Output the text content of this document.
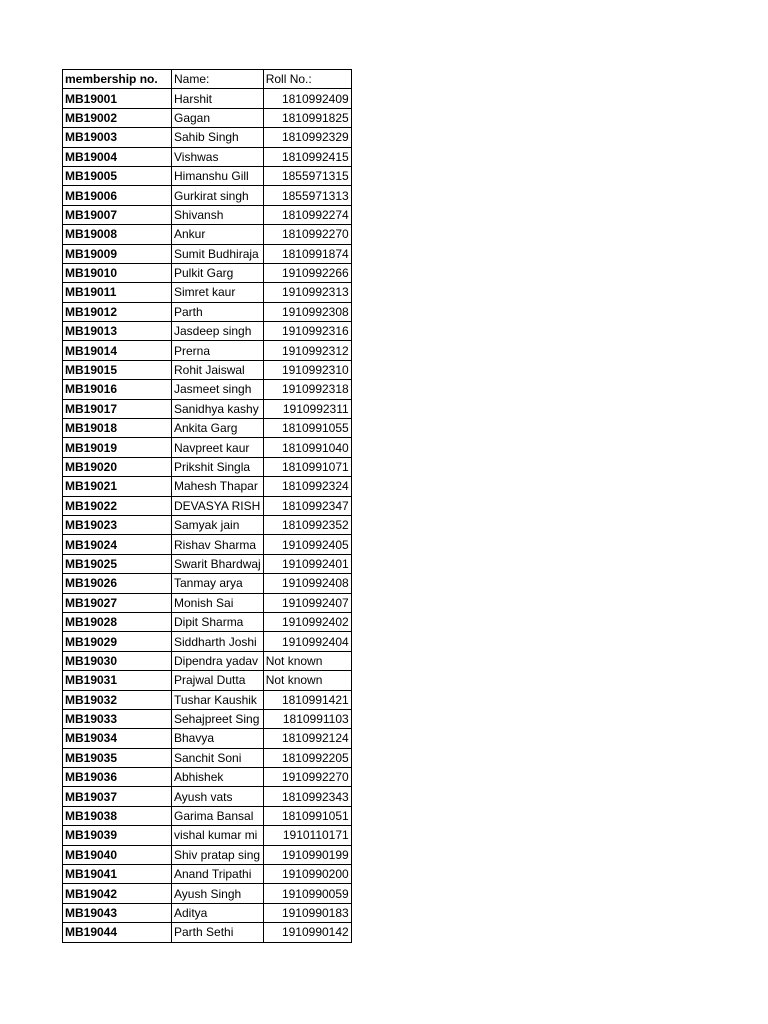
membership no.	Name:	Roll No.:
MB19001	Harshit	1810992409
MB19002	Gagan	1810991825
MB19003	Sahib Singh	1810992329
MB19004	Vishwas	1810992415
MB19005	Himanshu Gill	1855971315
MB19006	Gurkirat singh	1855971313
MB19007	Shivansh	1810992274
MB19008	Ankur	1810992270
MB19009	Sumit Budhiraja	1810991874
MB19010	Pulkit Garg	1910992266
MB19011	Simret kaur	1910992313
MB19012	Parth	1910992308
MB19013	Jasdeep singh	1910992316
MB19014	Prerna	1910992312
MB19015	Rohit Jaiswal	1910992310
MB19016	Jasmeet singh	1910992318
MB19017	Sanidhya kashy	1910992311
MB19018	Ankita Garg	1810991055
MB19019	Navpreet kaur	1810991040
MB19020	Prikshit Singla	1810991071
MB19021	Mahesh Thapar	1810992324
MB19022	DEVASYA RISH	1810992347
MB19023	Samyak jain	1810992352
MB19024	Rishav Sharma	1910992405
MB19025	Swarit Bhardwaj	1910992401
MB19026	Tanmay arya	1910992408
MB19027	Monish Sai	1910992407
MB19028	Dipit Sharma	1910992402
MB19029	Siddharth Joshi	1910992404
MB19030	Dipendra yadav	Not known
MB19031	Prajwal Dutta	Not known
MB19032	Tushar Kaushik	1810991421
MB19033	Sehajpreet Sing	1810991103
MB19034	Bhavya	1810992124
MB19035	Sanchit Soni	1810992205
MB19036	Abhishek	1910992270
MB19037	Ayush vats	1810992343
MB19038	Garima Bansal	1810991051
MB19039	vishal kumar mi	1910110171
MB19040	Shiv pratap sing	1910990199
MB19041	Anand Tripathi	1910990200
MB19042	Ayush Singh	1910990059
MB19043	Aditya	1910990183
MB19044	Parth Sethi	1910990142
